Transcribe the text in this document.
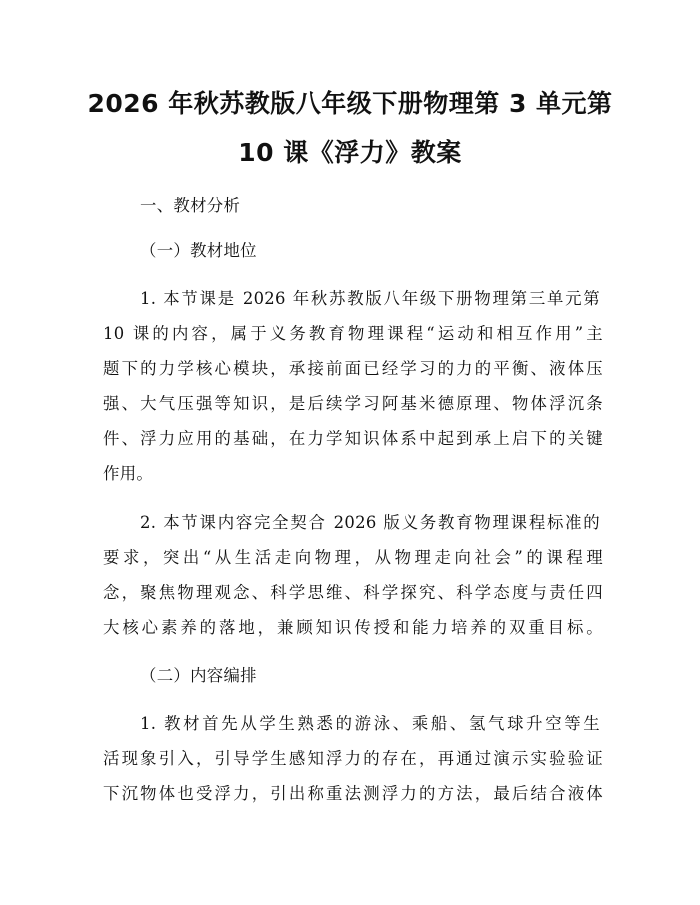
2026 年秋苏教版八年级下册物理第 3 单元第
10 课《浮力》教案
一、教材分析
（一）教材地位
1. 本节课是 2026 年秋苏教版八年级下册物理第三单元第
10 课的内容，属于义务教育物理课程“运动和相互作用”主
题下的力学核心模块，承接前面已经学习的力的平衡、液体压
强、大气压强等知识，是后续学习阿基米德原理、物体浮沉条
件、浮力应用的基础，在力学知识体系中起到承上启下的关键
作用。
2. 本节课内容完全契合 2026 版义务教育物理课程标准的
要求，突出“从生活走向物理，从物理走向社会”的课程理
念，聚焦物理观念、科学思维、科学探究、科学态度与责任四
大核心素养的落地，兼顾知识传授和能力培养的双重目标。
（二）内容编排
1. 教材首先从学生熟悉的游泳、乘船、氢气球升空等生
活现象引入，引导学生感知浮力的存在，再通过演示实验验证
下沉物体也受浮力，引出称重法测浮力的方法，最后结合液体
